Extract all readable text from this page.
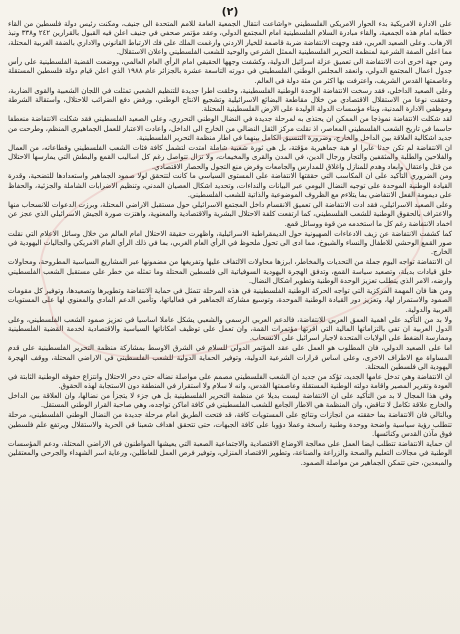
(٢)

على الادارة الامريكية بدء الحوار الامريكي الفلسطيني «واشاعت انتقال الجمعية العامة للامم المتحدة الى جنيف، ومكنت رئيس دولة فلسطين من القاء خطابه امام هذه الجمعية، والقاء مبادرة السلام الفلسطينية امام المجتمع الدولي، وعقد مؤتمر صحفي في جنيف اعلن فيه القبول بالقرارين ٢٤٢ و٣٣٨ ونبذ الارهاب. وعلى الصعيد العربي، فقد وجهت الانتفاضة ضربة قاصمة للخيار الاردني وارغمت الملك على فك الارتباط القانوني والاداري بالضفة الغربية المحتلة، مما اعلى الصفة الشرعية لمنظمة التحرير الفلسطينية الممثل الشرعي والوحيد للشعب الفلسطيني واعلان الاستقلال.

ومن جهة اخرى ادت الانتفاضة الى تعميق عزلة اسرائيل الدولية، وكشفت وجهها الحقيقي امام الرأي العام العالمي، ووضعت القضية الفلسطينية على رأس جدول اعمال المجتمع الدولي، وانعقد المجلس الوطني الفلسطيني في دورته التاسعة عشرة بالجزائر عام ١٩٨٨ الذي اعلن قيام دولة فلسطين المستقلة وعاصمتها القدس الشريف، واعترفت بها اكثر من مئة دولة في العالم.

وعلى الصعيد الداخلي، فقد رسخت الانتفاضة الوحدة الوطنية الفلسطينية، وخلقت اطرا جديدة للتنظيم الشعبي تمثلت في اللجان الشعبية والقوى الضاربة، وحققت نوعا من الاستقلال الاقتصادي من خلال مقاطعة البضائع الاسرائيلية وتشجيع الانتاج الوطني، ورفض دفع الضرائب للاحتلال، واستقالة الشرطة وموظفي الادارة المدنية، وبناء مؤسسات الدولة الوليدة على الارض الفلسطينية المحتلة.

لقد شكلت الانتفاضة نموذجا من الممكن ان يحتذى به لمرحلة جديدة في النضال الوطني التحرري، وعلى الصعيد الفلسطيني فقد شكلت الانتفاضة منعطفا حاسما في تاريخ الشعب الفلسطيني المعاصر، اذ نقلت مركز الثقل النضالي من الخارج الى الداخل، واعادت الاعتبار للعمل الجماهيري المنظم، وطرحت من جديد اشكالية العلاقة بين الداخل والخارج، وضرورة التنسيق الكامل بينهما في اطار منظمة التحرير الفلسطينية.

ان الانتفاضة لم تكن حدثا عابرا او هبة جماهيرية مؤقتة، بل هي ثورة شعبية شاملة امتدت لتشمل كافة فئات الشعب الفلسطيني وقطاعاته، من العمال والفلاحين والطلبة والمثقفين والتجار ورجال الدين، في المدن والقرى والمخيمات، ولا تزال تتواصل رغم كل اساليب القمع والبطش التي يمارسها الاحتلال من قتل واعتقال وابعاد وهدم للمنازل واغلاق للمدارس والجامعات وفرض منع التجول والحصار الاقتصادي.

ومن الضروري التأكيد على ان المكاسب التي حققتها الانتفاضة على المستوى السياسي ما كانت لتتحقق لولا صمود الجماهير واستعدادها للتضحية، وقدرة القيادة الوطنية الموحدة على توجيه النضال اليومي عبر البيانات والنداءات، وتحديد اشكال العصيان المدني، وتنظيم الاضرابات الشاملة والجزئية، والحفاظ على ديمومة الفعل الانتفاضي بما يتلاءم مع الظروف الموضوعية والذاتية للشعب الفلسطيني.

وعلى الصعيد الاسرائيلي، فقد ادت الانتفاضة الى تعميق الانقسام داخل المجتمع الاسرائيلي حول مستقبل الاراضي المحتلة، وبرزت الدعوات للانسحاب منها والاعتراف بالحقوق الوطنية للشعب الفلسطيني، كما ارتفعت كلفة الاحتلال البشرية والاقتصادية والمعنوية، واهتزت صورة الجيش الاسرائيلي الذي عجز عن اخماد الانتفاضة رغم كل ما استخدمه من قوة ووسائل قمع.

كما كشفت الانتفاضة عن زيف الادعاءات الصهيونية حول الديمقراطية الاسرائيلية، واظهرت حقيقة الاحتلال امام العالم من خلال وسائل الاعلام التي نقلت صور القمع الوحشي للاطفال والنساء والشيوخ، مما ادى الى تحول ملحوظ في الرأي العام الغربي، بما في ذلك الرأي العام الامريكي والجاليات اليهودية في الخارج.

ان الانتفاضة تواجه اليوم جملة من التحديات والمخاطر، ابرزها محاولات الالتفاف عليها وتفريغها من مضمونها عبر المشاريع السياسية المطروحة، ومحاولات خلق قيادات بديلة، وتصعيد سياسة القمع، وتدفق الهجرة اليهودية السوفياتية الى فلسطين المحتلة وما تمثله من خطر على مستقبل الشعب الفلسطيني وارضه، الامر الذي يتطلب تعزيز الوحدة الوطنية وتطوير اشكال النضال.

ومن هنا فان المهمة المركزية التي تواجه الحركة الوطنية الفلسطينية في هذه المرحلة تتمثل في حماية الانتفاضة وتطويرها وتصعيدها، وتوفير كل مقومات الصمود والاستمرار لها، وتعزيز دور القيادة الوطنية الموحدة، وتوسيع مشاركة الجماهير في فعالياتها، وتأمين الدعم المادي والمعنوي لها على المستويات العربية والدولية.

ولا بد من التأكيد على اهمية العمق العربي للانتفاضة، فالدعم العربي الرسمي والشعبي يشكل عاملا اساسيا في تعزيز صمود الشعب الفلسطيني، وعلى الدول العربية ان تفي بالتزاماتها المالية التي اقرتها مؤتمرات القمة، وان تعمل على توظيف امكاناتها السياسية والاقتصادية لخدمة القضية الفلسطينية وممارسة الضغط على الولايات المتحدة لاجبار اسرائيل على الانسحاب.

اما على الصعيد الدولي، فان المطلوب هو العمل على عقد المؤتمر الدولي للسلام في الشرق الاوسط بمشاركة منظمة التحرير الفلسطينية على قدم المساواة مع الاطراف الاخرى، وعلى اساس قرارات الشرعية الدولية، وتوفير الحماية الدولية للشعب الفلسطيني في الاراضي المحتلة، ووقف الهجرة اليهودية الى فلسطين المحتلة.

ان الانتفاضة وهي تدخل عامها الجديد، تؤكد من جديد ان الشعب الفلسطيني مصمم على مواصلة نضاله حتى دحر الاحتلال وانتزاع حقوقه الوطنية الثابتة في العودة وتقرير المصير واقامة دولته الوطنية المستقلة وعاصمتها القدس، وانه لا سلام ولا استقرار في المنطقة دون الاستجابة لهذه الحقوق.

وفي هذا المجال لا بد من التأكيد على ان الانتفاضة ليست بديلا عن منظمة التحرير الفلسطينية بل هي جزء لا يتجزأ من نضالها، وان العلاقة بين الداخل والخارج علاقة تكامل لا تناقض، وان المنظمة هي الاطار الجامع للشعب الفلسطيني في كافة اماكن تواجده، وهي صاحبة القرار الوطني المستقل.

وبالتالي فان الانتفاضة بما حققته من انجازات ونتائج على المستويات كافة، قد فتحت الطريق امام مرحلة جديدة من النضال الوطني الفلسطيني، مرحلة تتطلب رؤية سياسية واضحة ووحدة وطنية راسخة وعملا دؤوبا على كافة الجبهات، حتى تتحقق اهداف شعبنا في الحرية والاستقلال ويرتفع علم فلسطين فوق مآذن القدس وكنائسها.

ان حماية الانتفاضة تتطلب ايضا العمل على معالجة الاوضاع الاقتصادية والاجتماعية الصعبة التي يعيشها المواطنون في الاراضي المحتلة، ودعم المؤسسات الوطنية في مجالات التعليم والصحة والزراعة والصناعة، وتطوير الاقتصاد المنزلي، وتوفير فرص العمل للعاطلين، ورعاية اسر الشهداء والجرحى والمعتقلين والمبعدين، حتى تتمكن الجماهير من مواصلة الصمود.
